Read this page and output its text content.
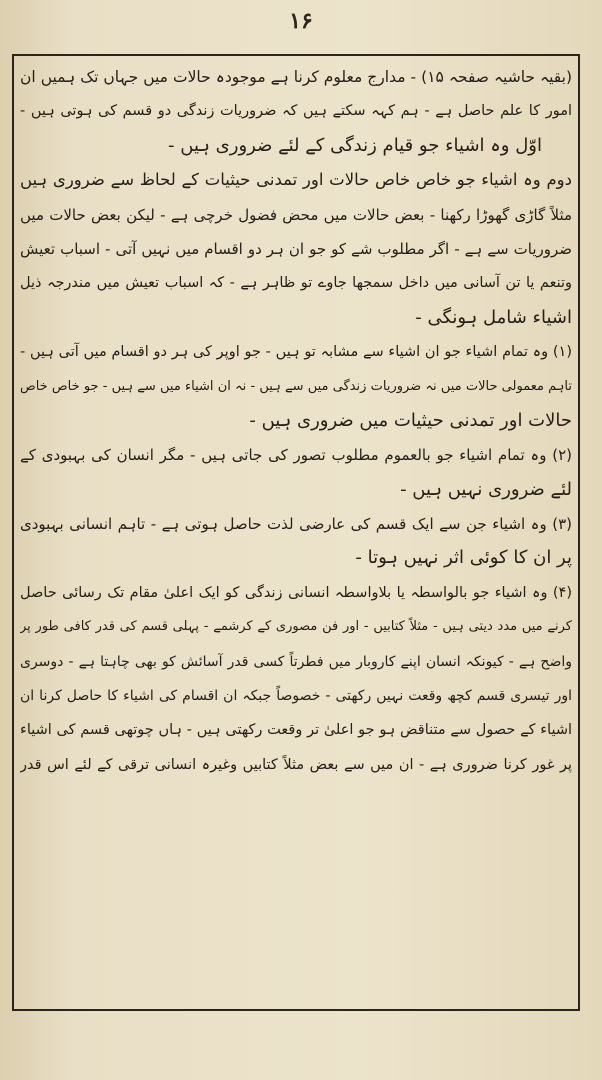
۱۶
(بقیہ حاشیہ صفحہ ۱۵) - مدارج معلوم کرنا ہے موجودہ حالات میں جہاں تک ہمیں ان
امور کا علم حاصل ہے - ہم کہہ سکتے ہیں کہ ضروریات زندگی دو قسم کی ہوتی ہیں -
اوّل وہ اشیاء جو قیام زندگی کے لئے ضروری ہیں -
دوم وہ اشیاء جو خاص خاص حالات اور تمدنی حیثیات کے لحاظ سے ضروری ہیں
مثلاً گاڑی گھوڑا رکھنا - بعض حالات میں محض فضول خرچی ہے - لیکن بعض حالات میں
ضروریات سے ہے - اگر مطلوب شے کو جو ان ہر دو اقسام میں نہیں آتی - اسباب تعیش
وتنعم یا تن آسانی میں داخل سمجھا جاوے تو ظاہر ہے - کہ اسباب تعیش میں مندرجہ ذیل
اشیاء شامل ہونگی -
(۱) وہ تمام اشیاء جو ان اشیاء سے مشابہ تو ہیں - جو اوپر کی ہر دو اقسام میں آتی ہیں -
تاہم معمولی حالات میں نہ ضروریات زندگی میں سے ہیں - نہ ان اشیاء میں سے ہیں - جو خاص خاص
حالات اور تمدنی حیثیات میں ضروری ہیں -
(۲) وہ تمام اشیاء جو بالعموم مطلوب تصور کی جاتی ہیں - مگر انسان کی بہبودی کے
لئے ضروری نہیں ہیں -
(۳) وہ اشیاء جن سے ایک قسم کی عارضی لذت حاصل ہوتی ہے - تاہم انسانی بہبودی
پر ان کا کوئی اثر نہیں ہوتا -
(۴) وہ اشیاء جو بالواسطہ یا بلاواسطہ انسانی زندگی کو ایک اعلیٰ مقام تک رسائی حاصل
کرنے میں مدد دیتی ہیں - مثلاً کتابیں - اور فن مصوری کے کرشمے - پہلی قسم کی قدر کافی طور پر
واضح ہے - کیونکہ انسان اپنے کاروبار میں فطرتاً کسی قدر آسائش کو بھی چاہتا ہے - دوسری
اور تیسری قسم کچھ وقعت نہیں رکھتی - خصوصاً جبکہ ان اقسام کی اشیاء کا حاصل کرنا ان
اشیاء کے حصول سے متناقض ہو جو اعلیٰ تر وقعت رکھتی ہیں - ہاں چوتھی قسم کی اشیاء
پر غور کرنا ضروری ہے - ان میں سے بعض مثلاً کتابیں وغیرہ انسانی ترقی کے لئے اس قدر
